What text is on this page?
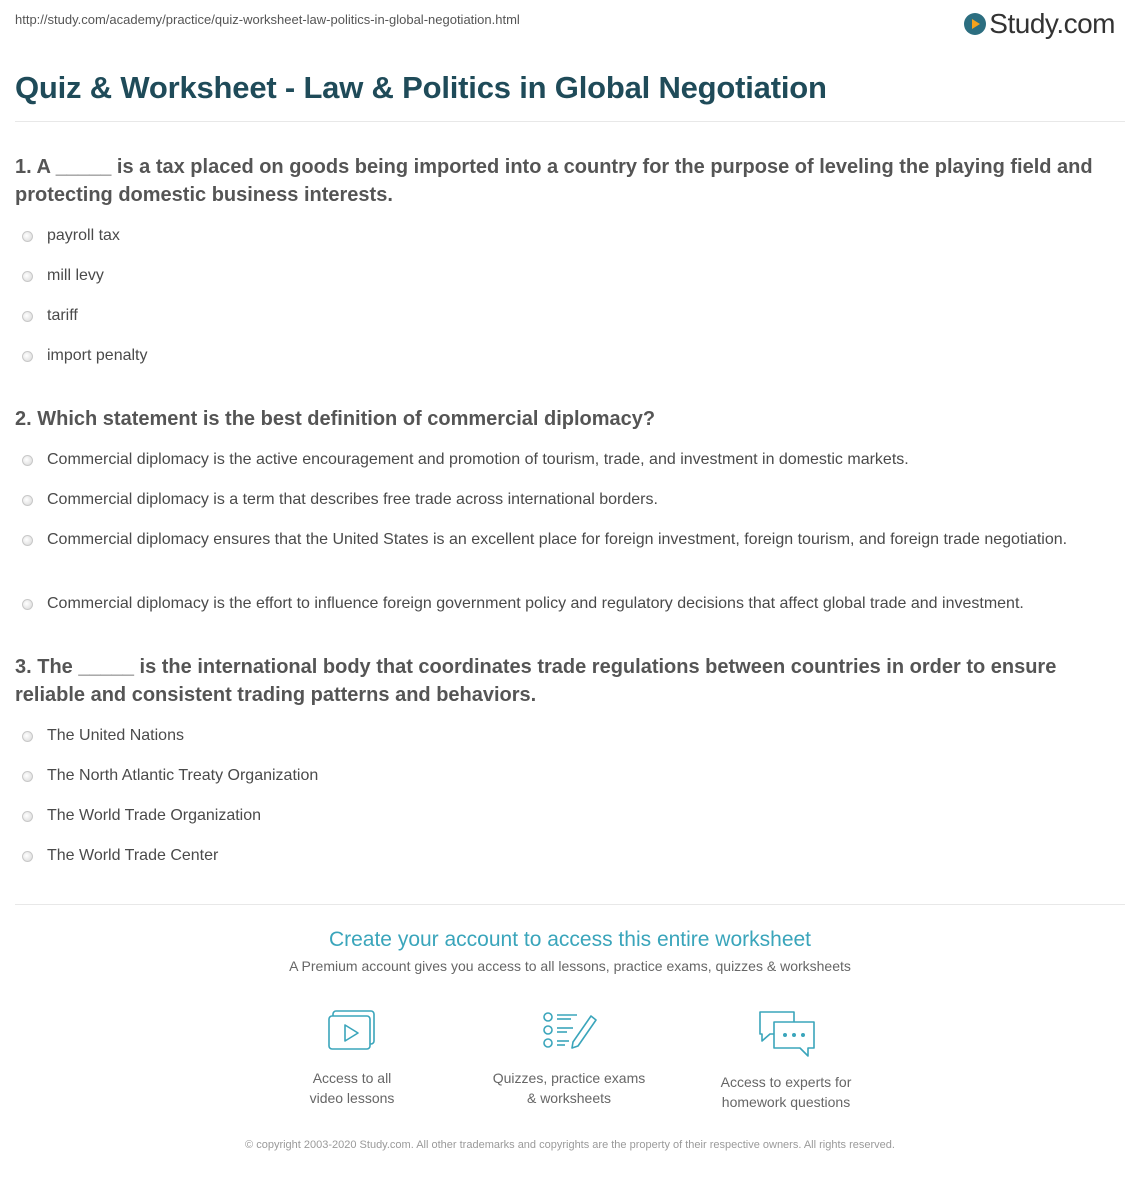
http://study.com/academy/practice/quiz-worksheet-law-politics-in-global-negotiation.html	Study.com
Quiz & Worksheet - Law & Politics in Global Negotiation
1. A _____ is a tax placed on goods being imported into a country for the purpose of leveling the playing field and protecting domestic business interests.
payroll tax
mill levy
tariff
import penalty
2. Which statement is the best definition of commercial diplomacy?
Commercial diplomacy is the active encouragement and promotion of tourism, trade, and investment in domestic markets.
Commercial diplomacy is a term that describes free trade across international borders.
Commercial diplomacy ensures that the United States is an excellent place for foreign investment, foreign tourism, and foreign trade negotiation.
Commercial diplomacy is the effort to influence foreign government policy and regulatory decisions that affect global trade and investment.
3. The _____ is the international body that coordinates trade regulations between countries in order to ensure reliable and consistent trading patterns and behaviors.
The United Nations
The North Atlantic Treaty Organization
The World Trade Organization
The World Trade Center
Create your account to access this entire worksheet
A Premium account gives you access to all lessons, practice exams, quizzes & worksheets
Access to all
video lessons
Quizzes, practice exams
& worksheets
Access to experts for
homework questions
© copyright 2003-2020 Study.com. All other trademarks and copyrights are the property of their respective owners. All rights reserved.
